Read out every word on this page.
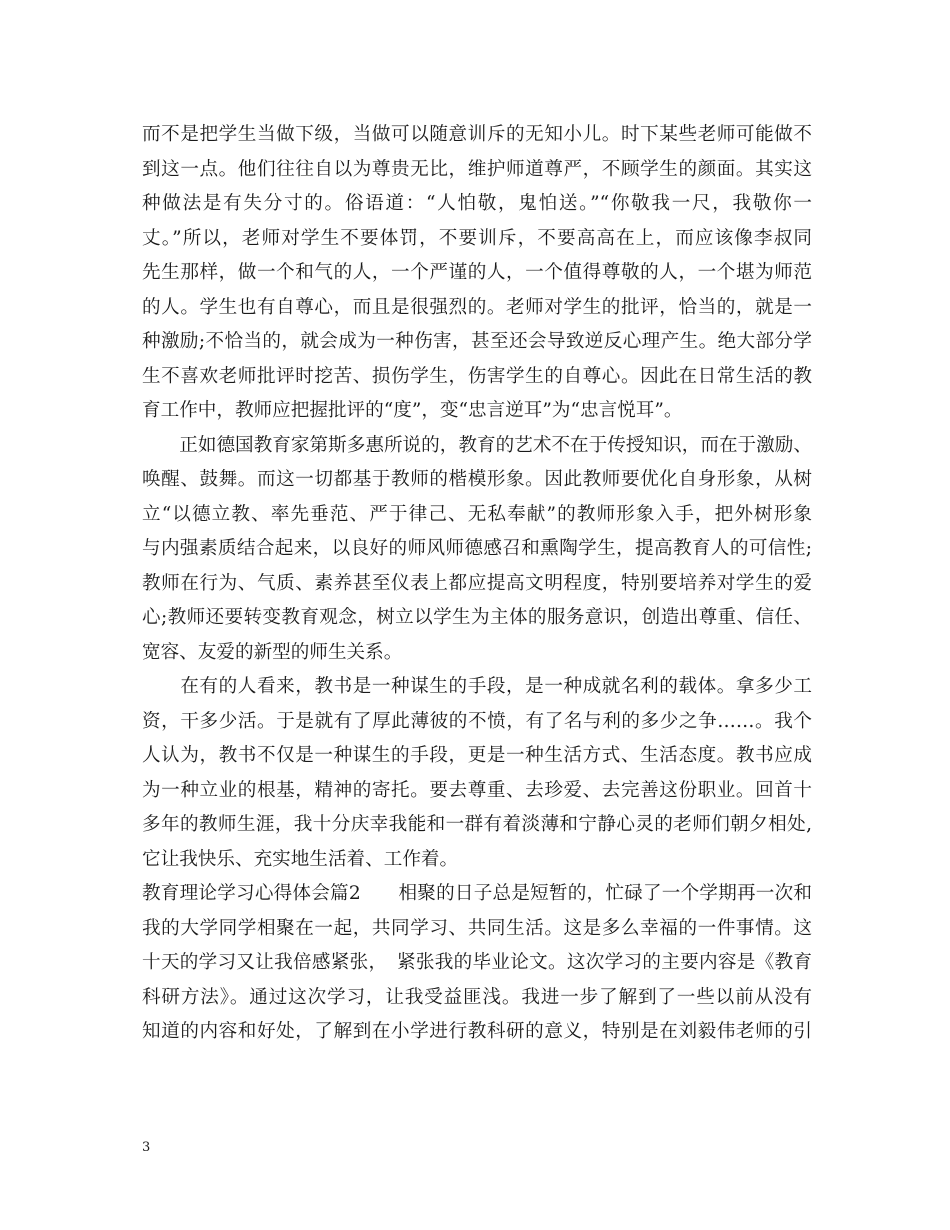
而不是把学生当做下级，当做可以随意训斥的无知小儿。时下某些老师可能做不
到这一点。他们往往自以为尊贵无比，维护师道尊严，不顾学生的颜面。其实这
种做法是有失分寸的。俗语道：“人怕敬，鬼怕送。”“你敬我一尺，我敬你一
丈。”所以，老师对学生不要体罚，不要训斥，不要高高在上，而应该像李叔同
先生那样，做一个和气的人，一个严谨的人，一个值得尊敬的人，一个堪为师范
的人。学生也有自尊心，而且是很强烈的。老师对学生的批评，恰当的，就是一
种激励;不恰当的，就会成为一种伤害，甚至还会导致逆反心理产生。绝大部分学
生不喜欢老师批评时挖苦、损伤学生，伤害学生的自尊心。因此在日常生活的教
育工作中，教师应把握批评的“度”，变“忠言逆耳”为“忠言悦耳”。
　　正如德国教育家第斯多惠所说的，教育的艺术不在于传授知识，而在于激励、
唤醒、鼓舞。而这一切都基于教师的楷模形象。因此教师要优化自身形象，从树
立“以德立教、率先垂范、严于律己、无私奉献”的教师形象入手，把外树形象
与内强素质结合起来，以良好的师风师德感召和熏陶学生，提高教育人的可信性;
教师在行为、气质、素养甚至仪表上都应提高文明程度，特别要培养对学生的爱
心;教师还要转变教育观念，树立以学生为主体的服务意识，创造出尊重、信任、
宽容、友爱的新型的师生关系。
　　在有的人看来，教书是一种谋生的手段，是一种成就名利的载体。拿多少工
资，干多少活。于是就有了厚此薄彼的不愤，有了名与利的多少之争……。我个
人认为，教书不仅是一种谋生的手段，更是一种生活方式、生活态度。教书应成
为一种立业的根基，精神的寄托。要去尊重、去珍爱、去完善这份职业。回首十
多年的教师生涯，我十分庆幸我能和一群有着淡薄和宁静心灵的老师们朝夕相处,
它让我快乐、充实地生活着、工作着。
教育理论学习心得体会篇2　　相聚的日子总是短暂的，忙碌了一个学期再一次和
我的大学同学相聚在一起，共同学习、共同生活。这是多么幸福的一件事情。这
十天的学习又让我倍感紧张，　紧张我的毕业论文。这次学习的主要内容是《教育
科研方法》。通过这次学习，让我受益匪浅。我进一步了解到了一些以前从没有
知道的内容和好处，了解到在小学进行教科研的意义，特别是在刘毅伟老师的引
3
